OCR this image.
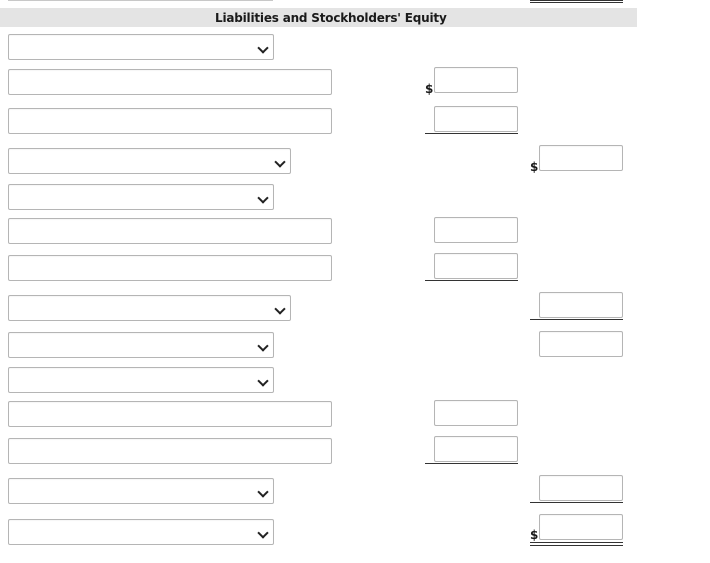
Liabilities and Stockholders' Equity
$
$
$
